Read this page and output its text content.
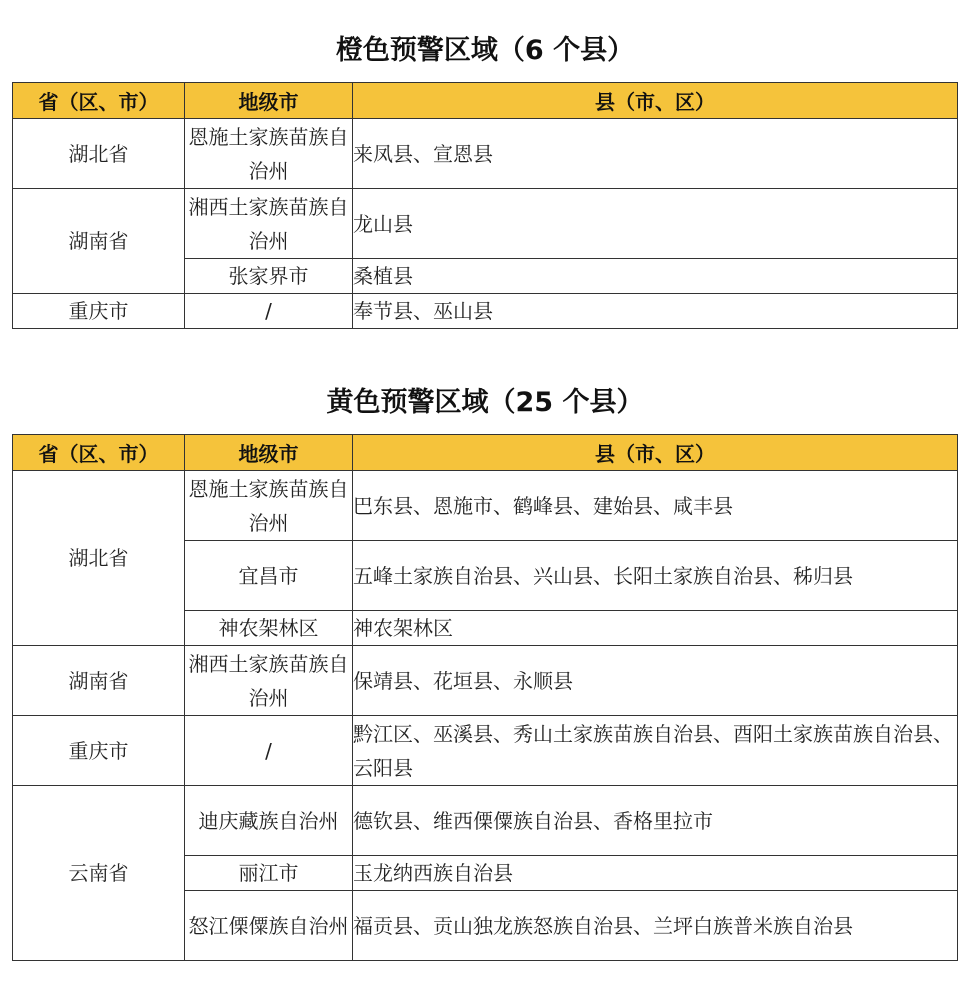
橙色预警区域（6 个县）
省（区、市）	地级市	县（市、区）
湖北省	恩施土家族苗族自治州	来凤县、宣恩县
湖南省	湘西土家族苗族自治州	龙山县
	张家界市	桑植县
重庆市	/	奉节县、巫山县
黄色预警区域（25 个县）
省（区、市）	地级市	县（市、区）
湖北省	恩施土家族苗族自治州	巴东县、恩施市、鹤峰县、建始县、咸丰县
	宜昌市	五峰土家族自治县、兴山县、长阳土家族自治县、秭归县
	神农架林区	神农架林区
湖南省	湘西土家族苗族自治州	保靖县、花垣县、永顺县
重庆市	/	黔江区、巫溪县、秀山土家族苗族自治县、酉阳土家族苗族自治县、云阳县
云南省	迪庆藏族自治州	德钦县、维西傈僳族自治县、香格里拉市
	丽江市	玉龙纳西族自治县
	怒江傈僳族自治州	福贡县、贡山独龙族怒族自治县、兰坪白族普米族自治县
